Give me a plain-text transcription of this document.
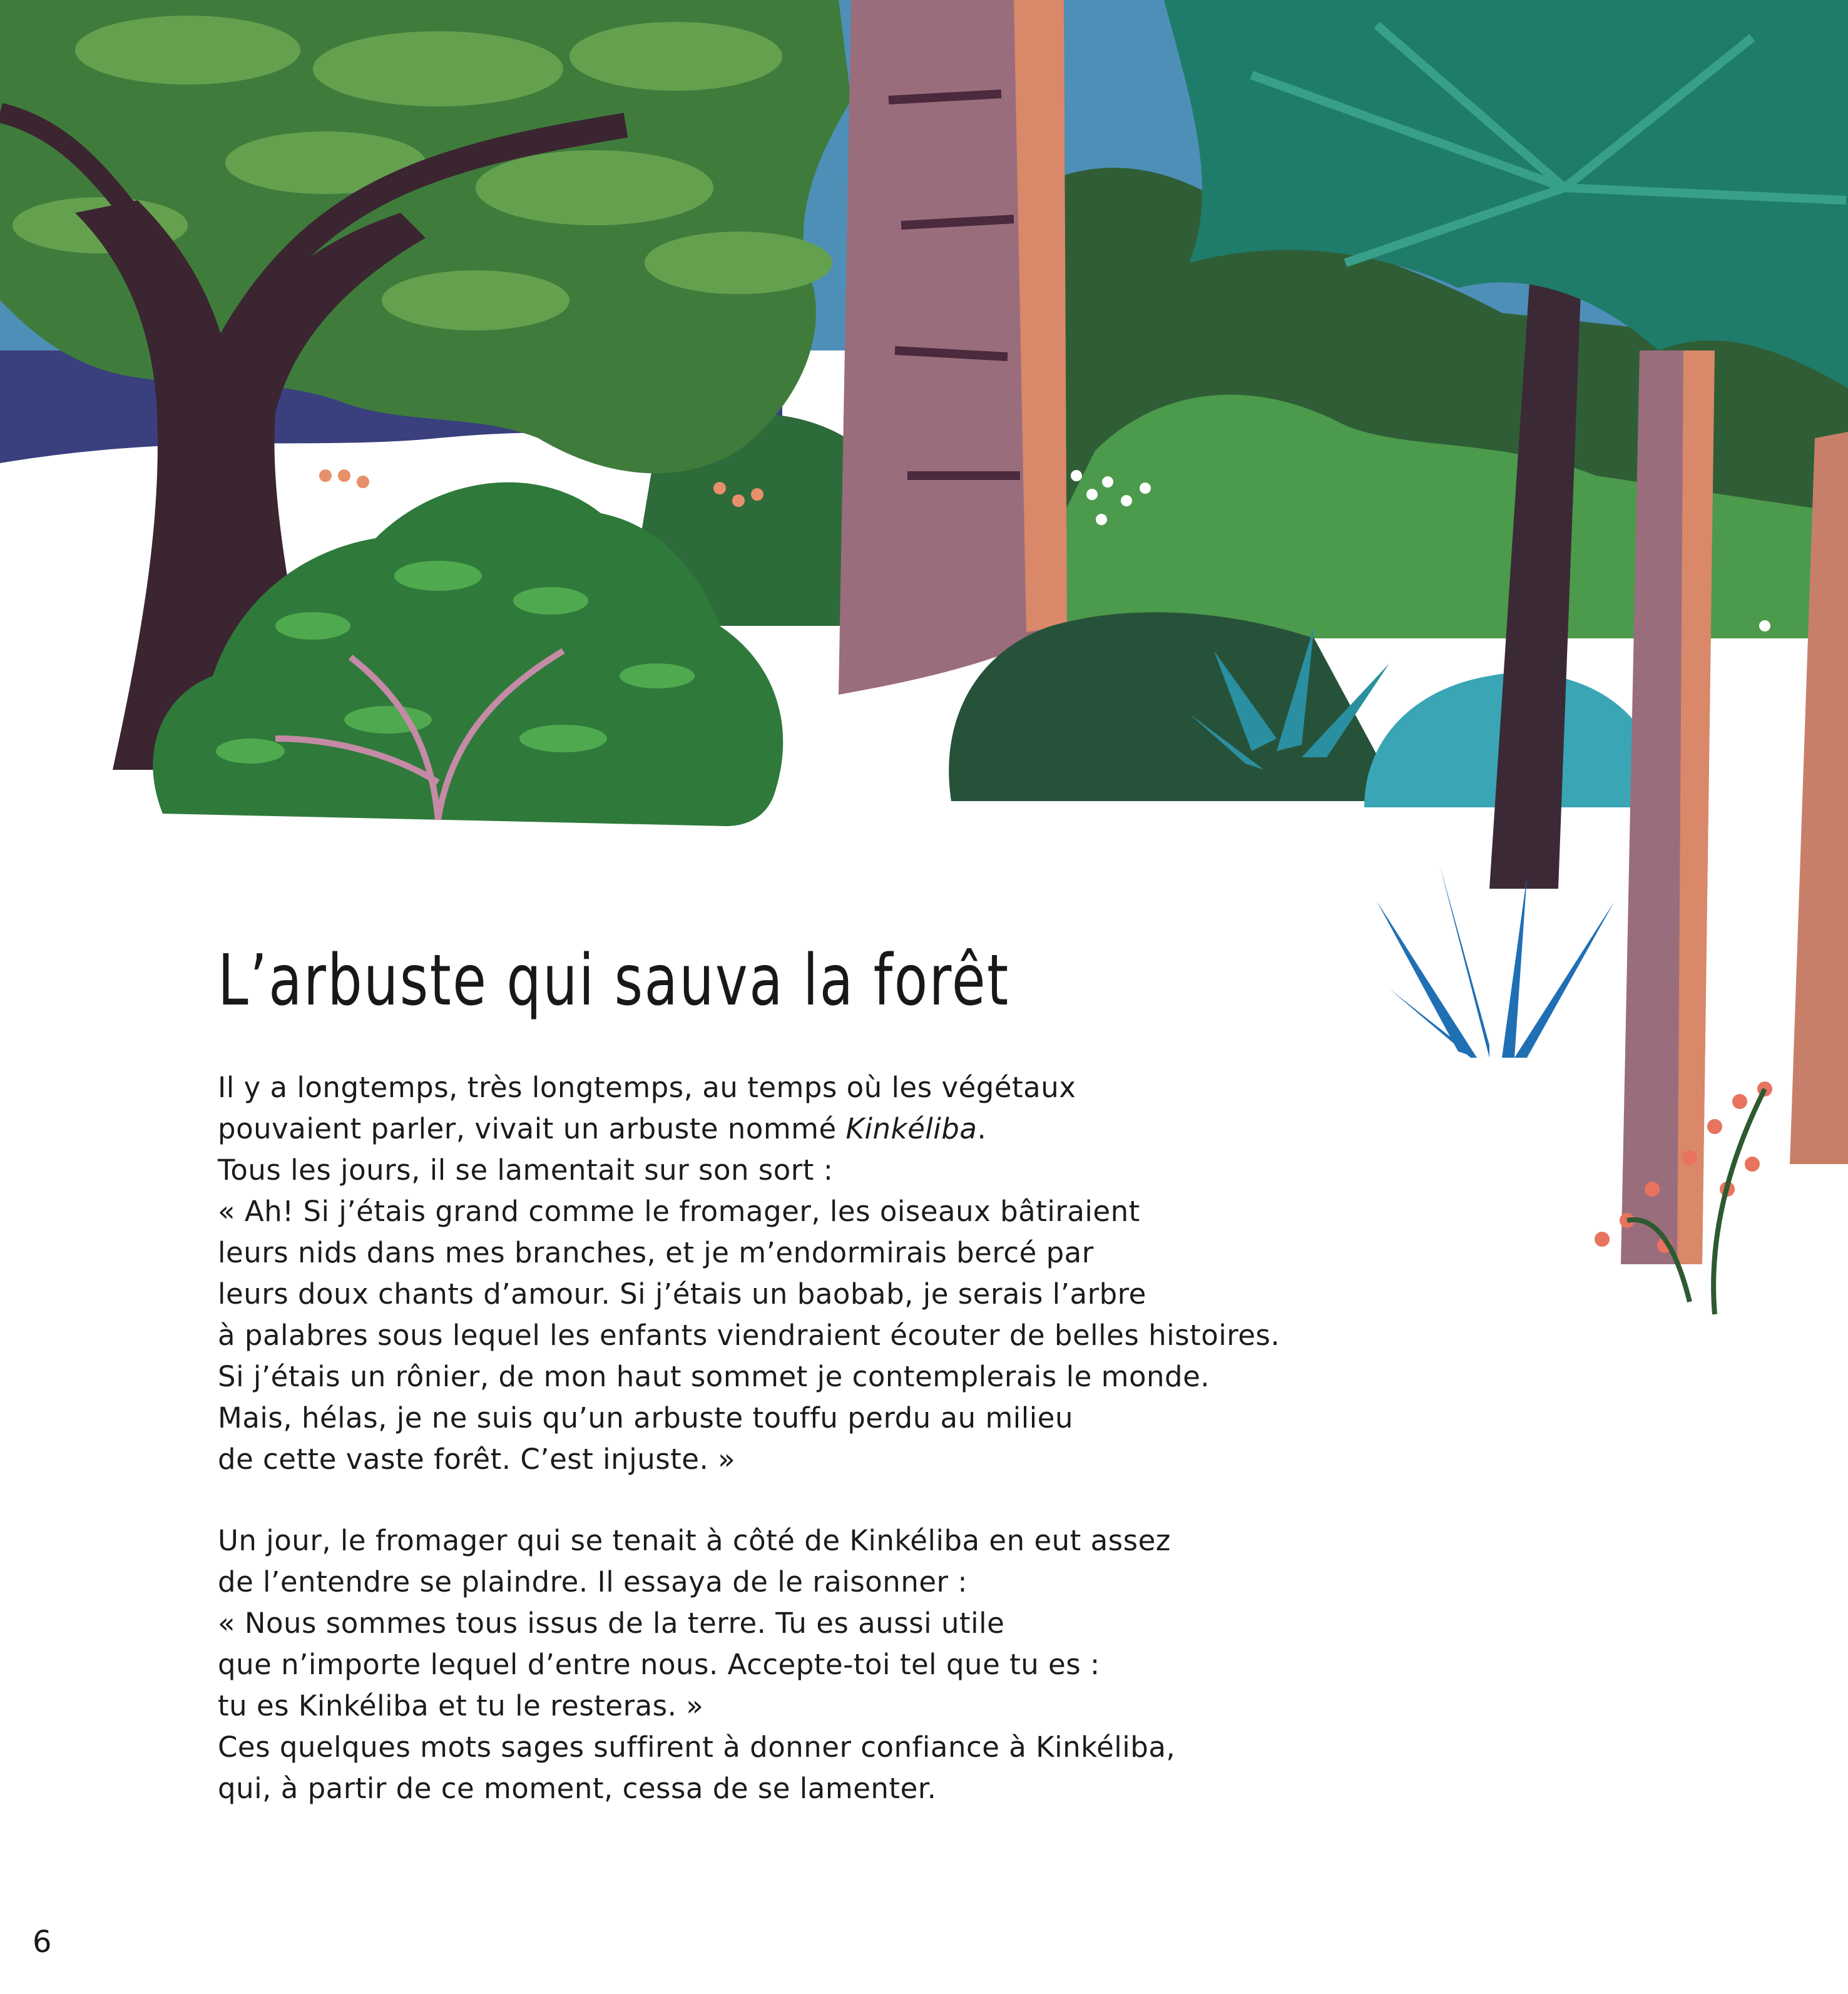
L’arbuste qui sauva la forêt

Il y a longtemps, très longtemps, au temps où les végétaux
pouvaient parler, vivait un arbuste nommé Kinkéliba.
Tous les jours, il se lamentait sur son sort :
« Ah! Si j’étais grand comme le fromager, les oiseaux bâtiraient
leurs nids dans mes branches, et je m’endormirais bercé par
leurs doux chants d’amour. Si j’étais un baobab, je serais l’arbre
à palabres sous lequel les enfants viendraient écouter de belles histoires.
Si j’étais un rônier, de mon haut sommet je contemplerais le monde.
Mais, hélas, je ne suis qu’un arbuste touffu perdu au milieu
de cette vaste forêt. C’est injuste. »

Un jour, le fromager qui se tenait à côté de Kinkéliba en eut assez
de l’entendre se plaindre. Il essaya de le raisonner :
« Nous sommes tous issus de la terre. Tu es aussi utile
que n’importe lequel d’entre nous. Accepte-toi tel que tu es :
tu es Kinkéliba et tu le resteras. »
Ces quelques mots sages suffirent à donner confiance à Kinkéliba,
qui, à partir de ce moment, cessa de se lamenter.

6
